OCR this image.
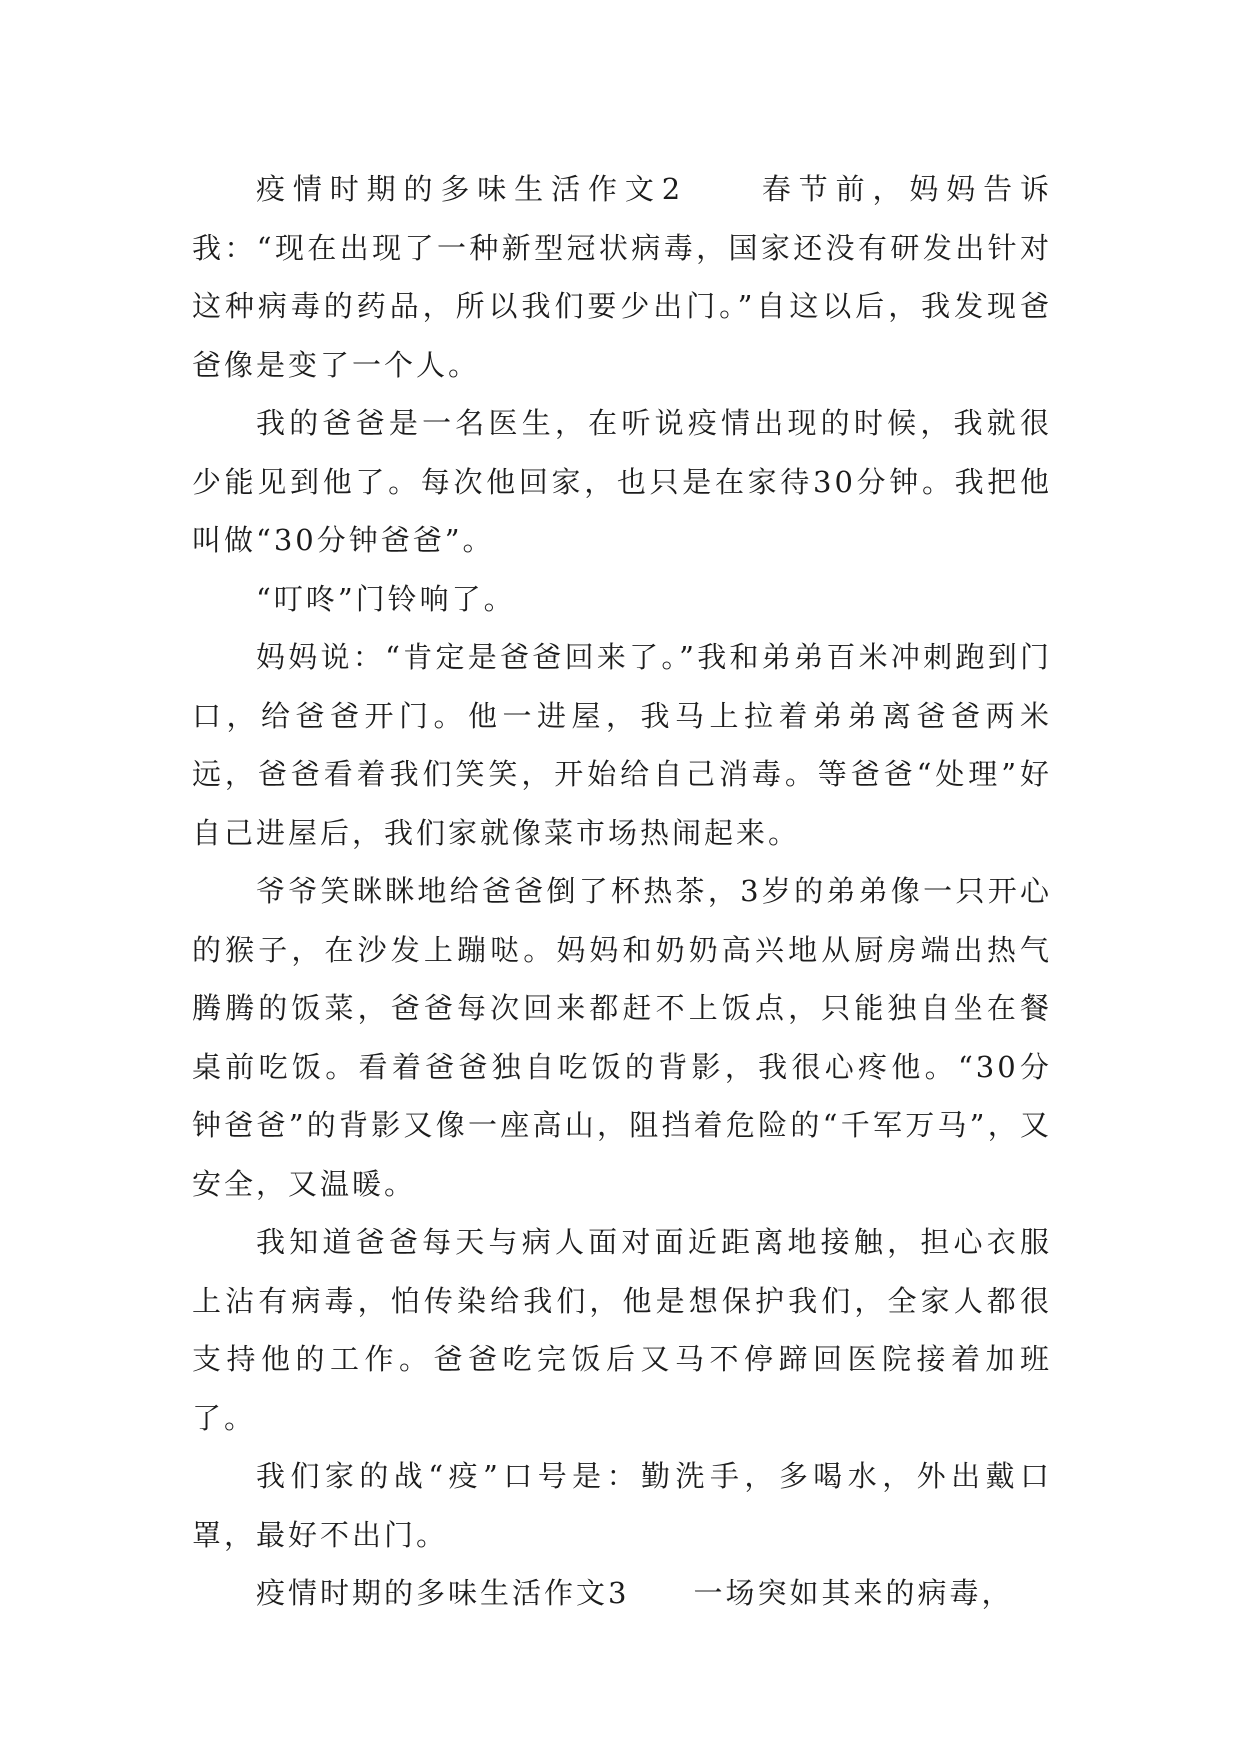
疫情时期的多味生活作文2　　春节前，妈妈告诉我：“现在出现了一种新型冠状病毒，国家还没有研发出针对这种病毒的药品，所以我们要少出门。”自这以后，我发现爸爸像是变了一个人。

我的爸爸是一名医生，在听说疫情出现的时候，我就很少能见到他了。每次他回家，也只是在家待30分钟。我把他叫做“30分钟爸爸”。

“叮咚”门铃响了。

妈妈说：“肯定是爸爸回来了。”我和弟弟百米冲刺跑到门口，给爸爸开门。他一进屋，我马上拉着弟弟离爸爸两米远，爸爸看着我们笑笑，开始给自己消毒。等爸爸“处理”好自己进屋后，我们家就像菜市场热闹起来。

爷爷笑眯眯地给爸爸倒了杯热茶，3岁的弟弟像一只开心的猴子，在沙发上蹦哒。妈妈和奶奶高兴地从厨房端出热气腾腾的饭菜，爸爸每次回来都赶不上饭点，只能独自坐在餐桌前吃饭。看着爸爸独自吃饭的背影，我很心疼他。“30分钟爸爸”的背影又像一座高山，阻挡着危险的“千军万马”，又安全，又温暖。

我知道爸爸每天与病人面对面近距离地接触，担心衣服上沾有病毒，怕传染给我们，他是想保护我们，全家人都很支持他的工作。爸爸吃完饭后又马不停蹄回医院接着加班了。

我们家的战“疫”口号是：勤洗手，多喝水，外出戴口罩，最好不出门。

疫情时期的多味生活作文3　　一场突如其来的病毒，
